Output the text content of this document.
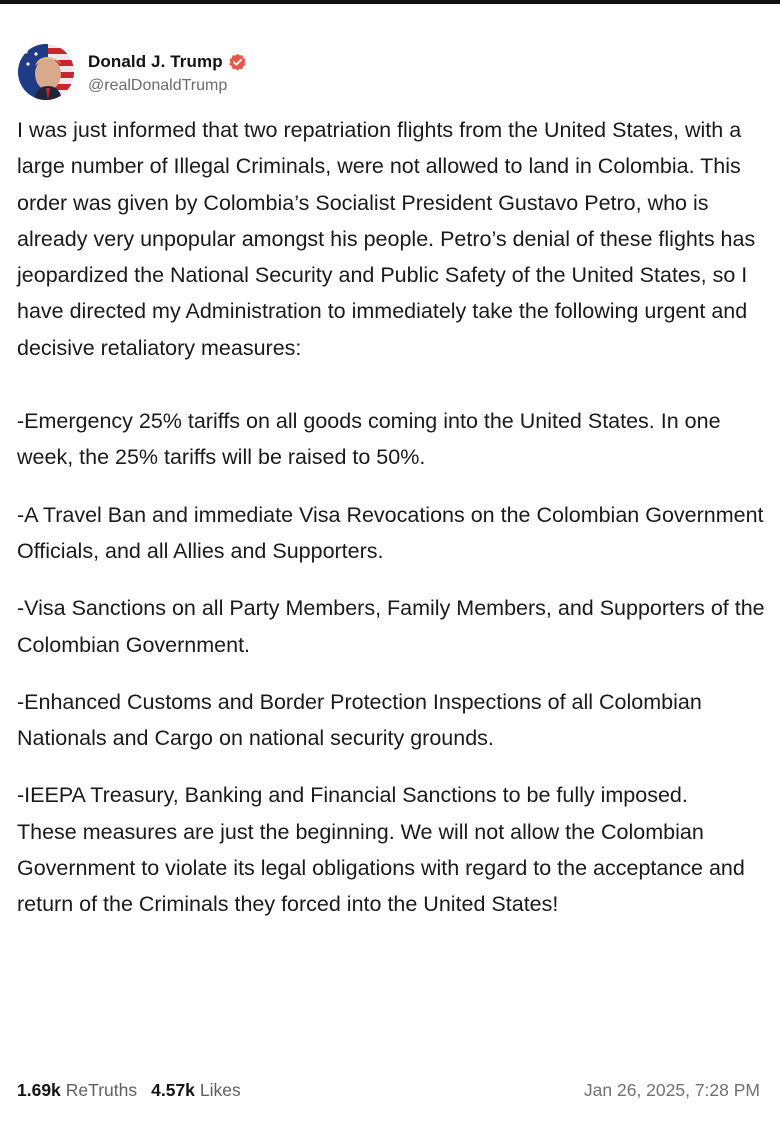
Donald J. Trump
@realDonaldTrump

I was just informed that two repatriation flights from the United States, with a large number of Illegal Criminals, were not allowed to land in Colombia. This order was given by Colombia’s Socialist President Gustavo Petro, who is already very unpopular amongst his people. Petro’s denial of these flights has jeopardized the National Security and Public Safety of the United States, so I have directed my Administration to immediately take the following urgent and decisive retaliatory measures:

-Emergency 25% tariffs on all goods coming into the United States. In one week, the 25% tariffs will be raised to 50%.

-A Travel Ban and immediate Visa Revocations on the Colombian Government Officials, and all Allies and Supporters.

-Visa Sanctions on all Party Members, Family Members, and Supporters of the Colombian Government.

-Enhanced Customs and Border Protection Inspections of all Colombian Nationals and Cargo on national security grounds.

-IEEPA Treasury, Banking and Financial Sanctions to be fully imposed.

These measures are just the beginning. We will not allow the Colombian Government to violate its legal obligations with regard to the acceptance and return of the Criminals they forced into the United States!

1.69k ReTruths 4.57k Likes	Jan 26, 2025, 7:28 PM
